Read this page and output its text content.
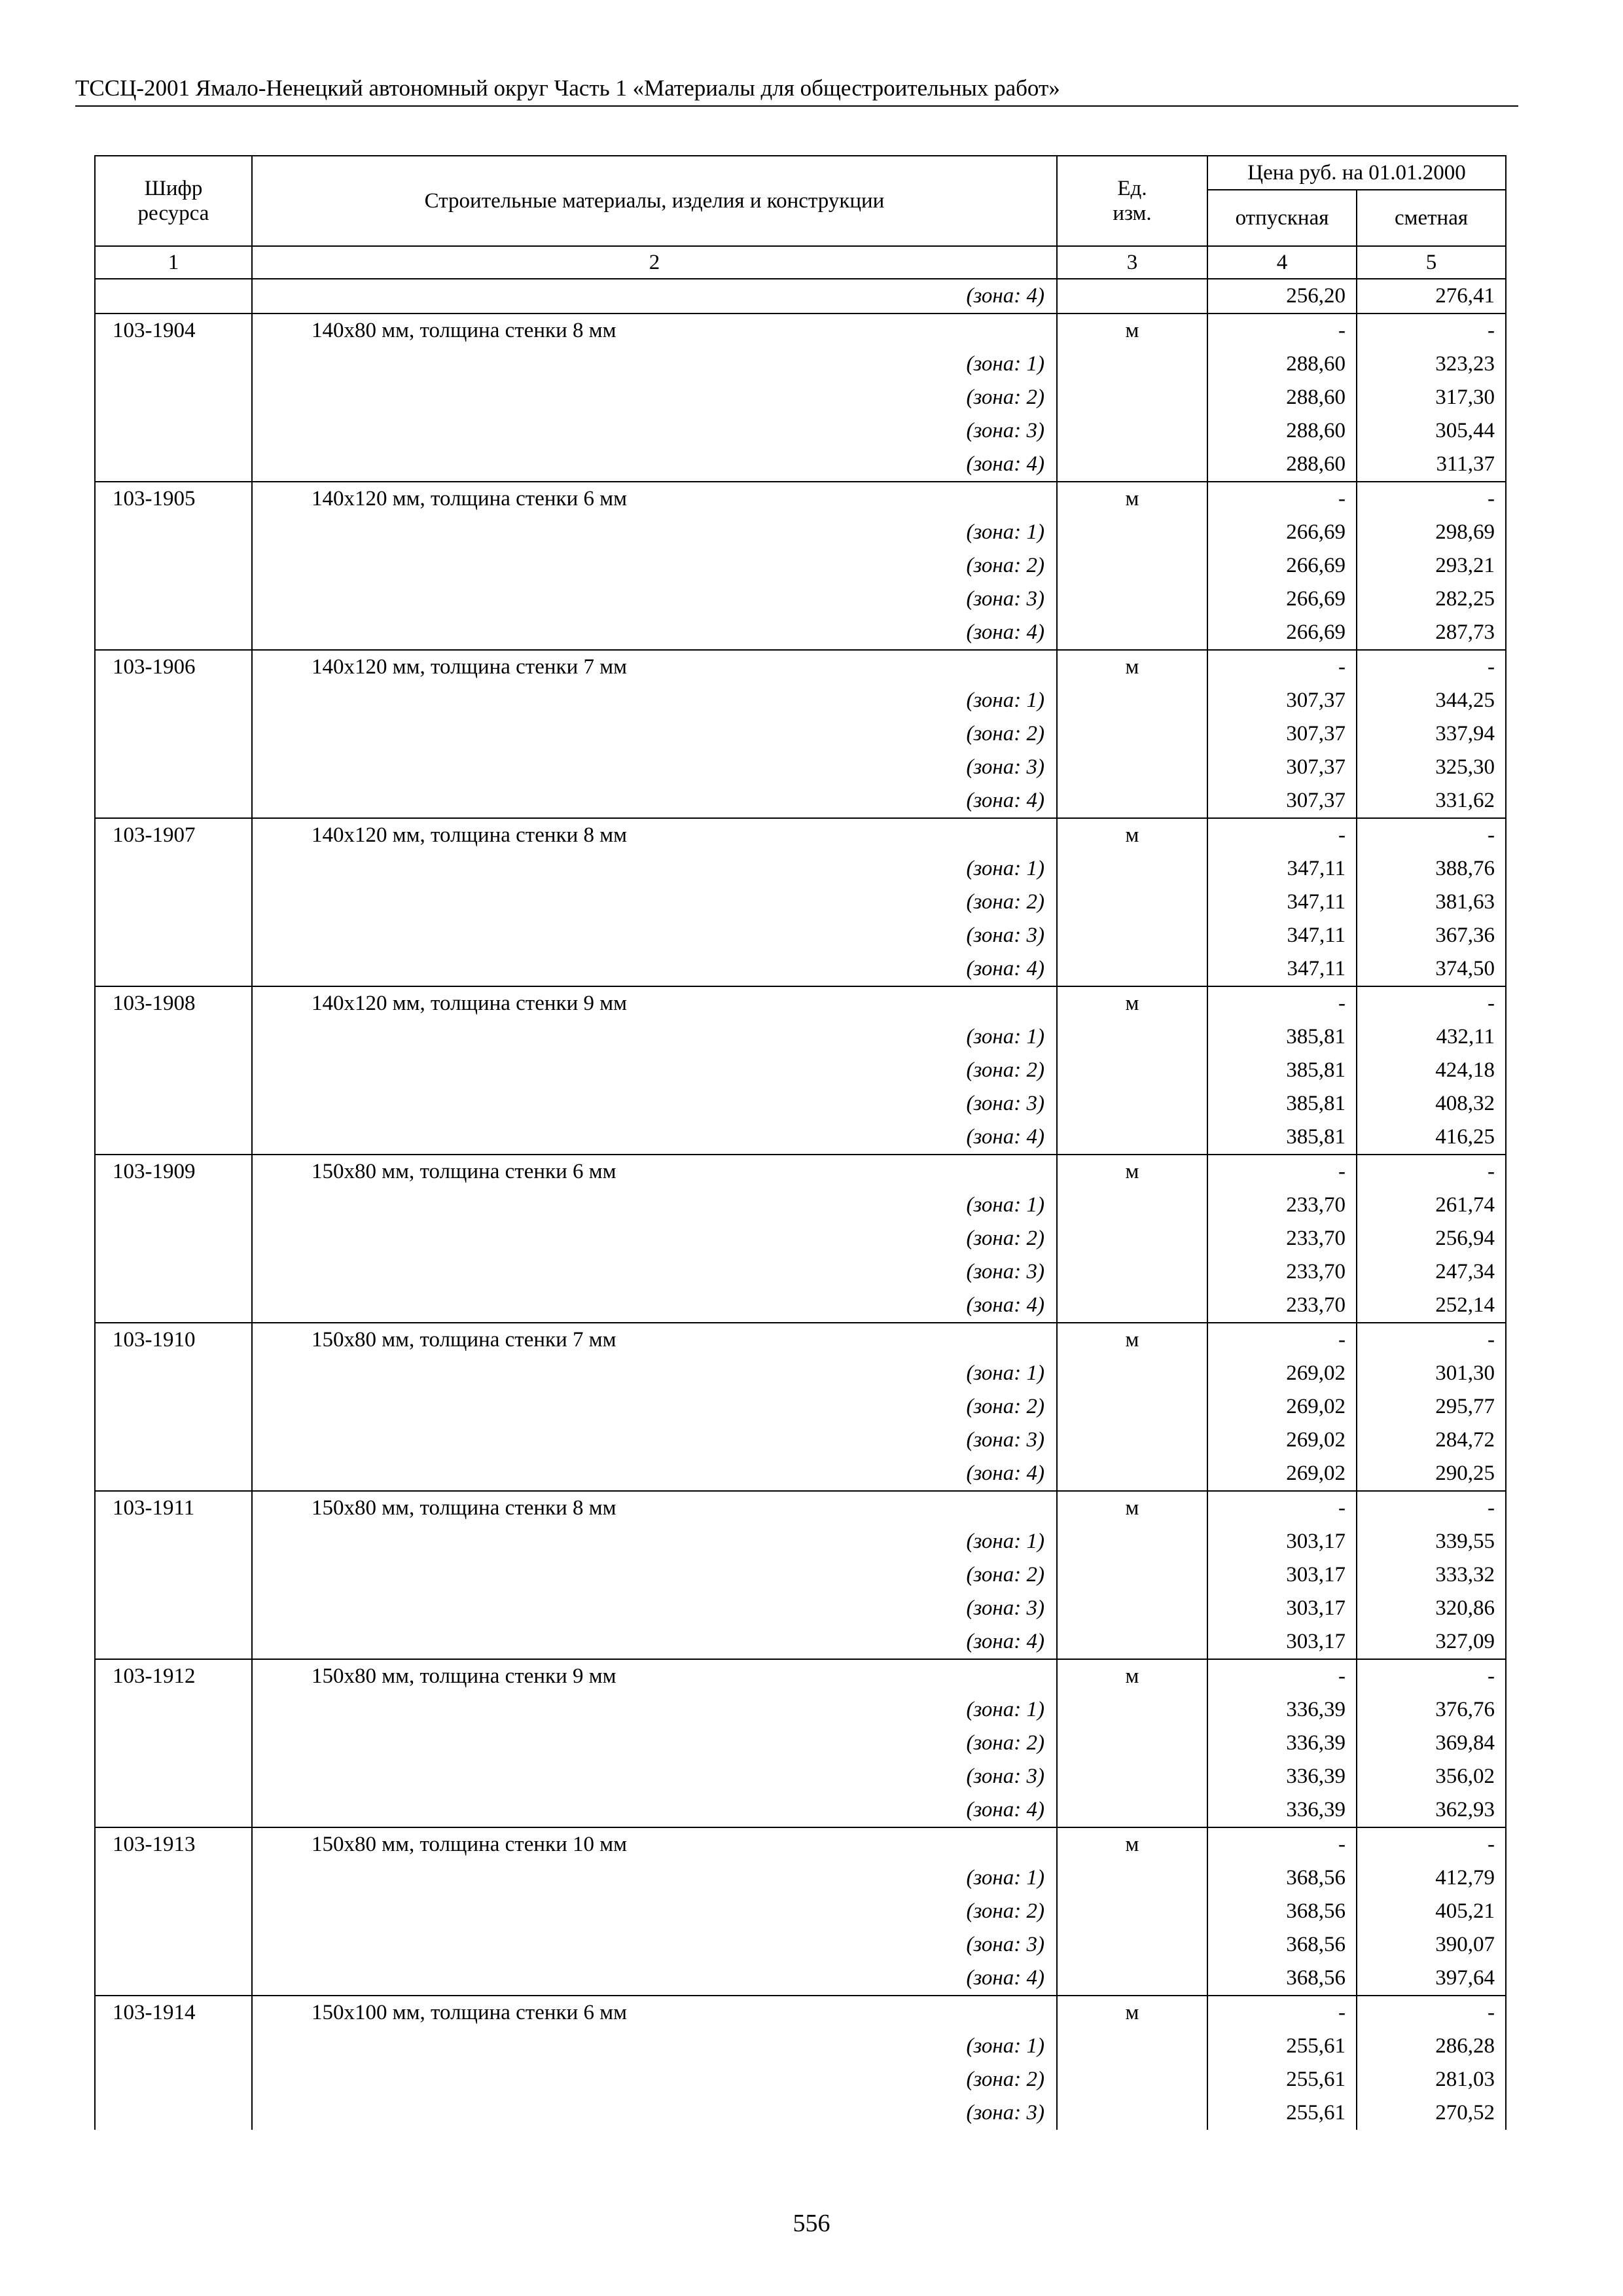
ТССЦ-2001 Ямало-Ненецкий автономный округ Часть 1 «Материалы для общестроительных работ»
Шифр ресурса	Строительные материалы, изделия и конструкции	Ед. изм.	Цена руб. на 01.01.2000	
			отпускная	сметная
1	2	3	4	5
	(зона: 4)		256,20	276,41
103-1904	140х80 мм, толщина стенки 8 мм	м	-	-
	(зона: 1)		288,60	323,23
	(зона: 2)		288,60	317,30
	(зона: 3)		288,60	305,44
	(зона: 4)		288,60	311,37
103-1905	140х120 мм, толщина стенки 6 мм	м	-	-
	(зона: 1)		266,69	298,69
	(зона: 2)		266,69	293,21
	(зона: 3)		266,69	282,25
	(зона: 4)		266,69	287,73
103-1906	140х120 мм, толщина стенки 7 мм	м	-	-
	(зона: 1)		307,37	344,25
	(зона: 2)		307,37	337,94
	(зона: 3)		307,37	325,30
	(зона: 4)		307,37	331,62
103-1907	140х120 мм, толщина стенки 8 мм	м	-	-
	(зона: 1)		347,11	388,76
	(зона: 2)		347,11	381,63
	(зона: 3)		347,11	367,36
	(зона: 4)		347,11	374,50
103-1908	140х120 мм, толщина стенки 9 мм	м	-	-
	(зона: 1)		385,81	432,11
	(зона: 2)		385,81	424,18
	(зона: 3)		385,81	408,32
	(зона: 4)		385,81	416,25
103-1909	150х80 мм, толщина стенки 6 мм	м	-	-
	(зона: 1)		233,70	261,74
	(зона: 2)		233,70	256,94
	(зона: 3)		233,70	247,34
	(зона: 4)		233,70	252,14
103-1910	150х80 мм, толщина стенки 7 мм	м	-	-
	(зона: 1)		269,02	301,30
	(зона: 2)		269,02	295,77
	(зона: 3)		269,02	284,72
	(зона: 4)		269,02	290,25
103-1911	150х80 мм, толщина стенки 8 мм	м	-	-
	(зона: 1)		303,17	339,55
	(зона: 2)		303,17	333,32
	(зона: 3)		303,17	320,86
	(зона: 4)		303,17	327,09
103-1912	150х80 мм, толщина стенки 9 мм	м	-	-
	(зона: 1)		336,39	376,76
	(зона: 2)		336,39	369,84
	(зона: 3)		336,39	356,02
	(зона: 4)		336,39	362,93
103-1913	150х80 мм, толщина стенки 10 мм	м	-	-
	(зона: 1)		368,56	412,79
	(зона: 2)		368,56	405,21
	(зона: 3)		368,56	390,07
	(зона: 4)		368,56	397,64
103-1914	150х100 мм, толщина стенки 6 мм	м	-	-
	(зона: 1)		255,61	286,28
	(зона: 2)		255,61	281,03
	(зона: 3)		255,61	270,52
556
